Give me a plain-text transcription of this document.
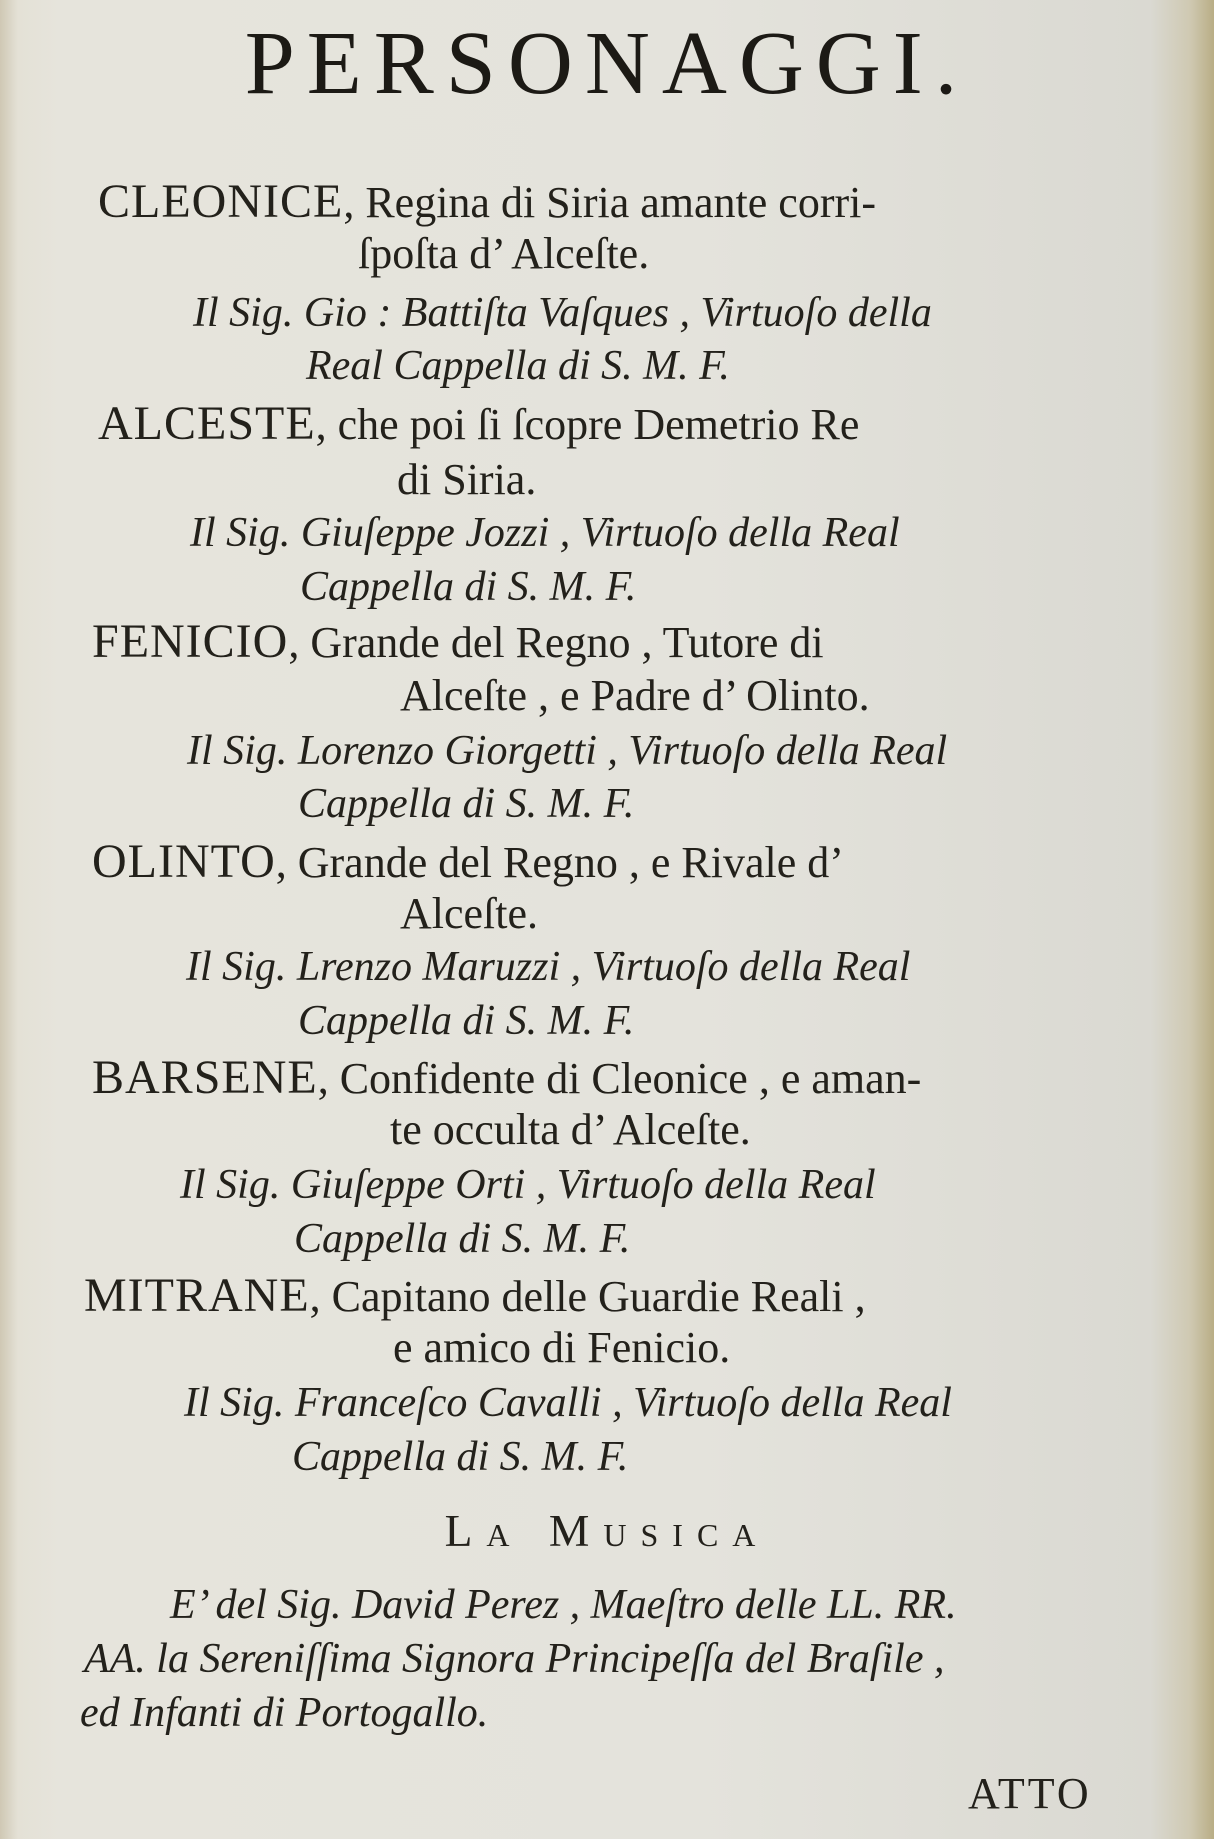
PERSONAGGI.
CLEONICE, Regina di Siria amante corri-
ſpoſta d’ Alceſte.
Il Sig. Gio : Battiſta Vaſques , Virtuoſo della
Real Cappella di S. M. F.
ALCESTE, che poi ſi ſcopre Demetrio Re
di Siria.
Il Sig. Giuſeppe Jozzi , Virtuoſo della Real
Cappella di S. M. F.
FENICIO, Grande del Regno , Tutore di
Alceſte , e Padre d’ Olinto.
Il Sig. Lorenzo Giorgetti , Virtuoſo della Real
Cappella di S. M. F.
OLINTO, Grande del Regno , e Rivale d’
Alceſte.
Il Sig. Lrenzo Maruzzi , Virtuoſo della Real
Cappella di S. M. F.
BARSENE, Confidente di Cleonice , e aman-
te occulta d’ Alceſte.
Il Sig. Giuſeppe Orti , Virtuoſo della Real
Cappella di S. M. F.
MITRANE, Capitano delle Guardie Reali ,
e amico di Fenicio.
Il Sig. Franceſco Cavalli , Virtuoſo della Real
Cappella di S. M. F.
La Musica
E’ del Sig. David Perez , Maeſtro delle LL. RR.
AA. la Sereniſſima Signora Principeſſa del Braſile ,
ed Infanti di Portogallo.
ATTO
